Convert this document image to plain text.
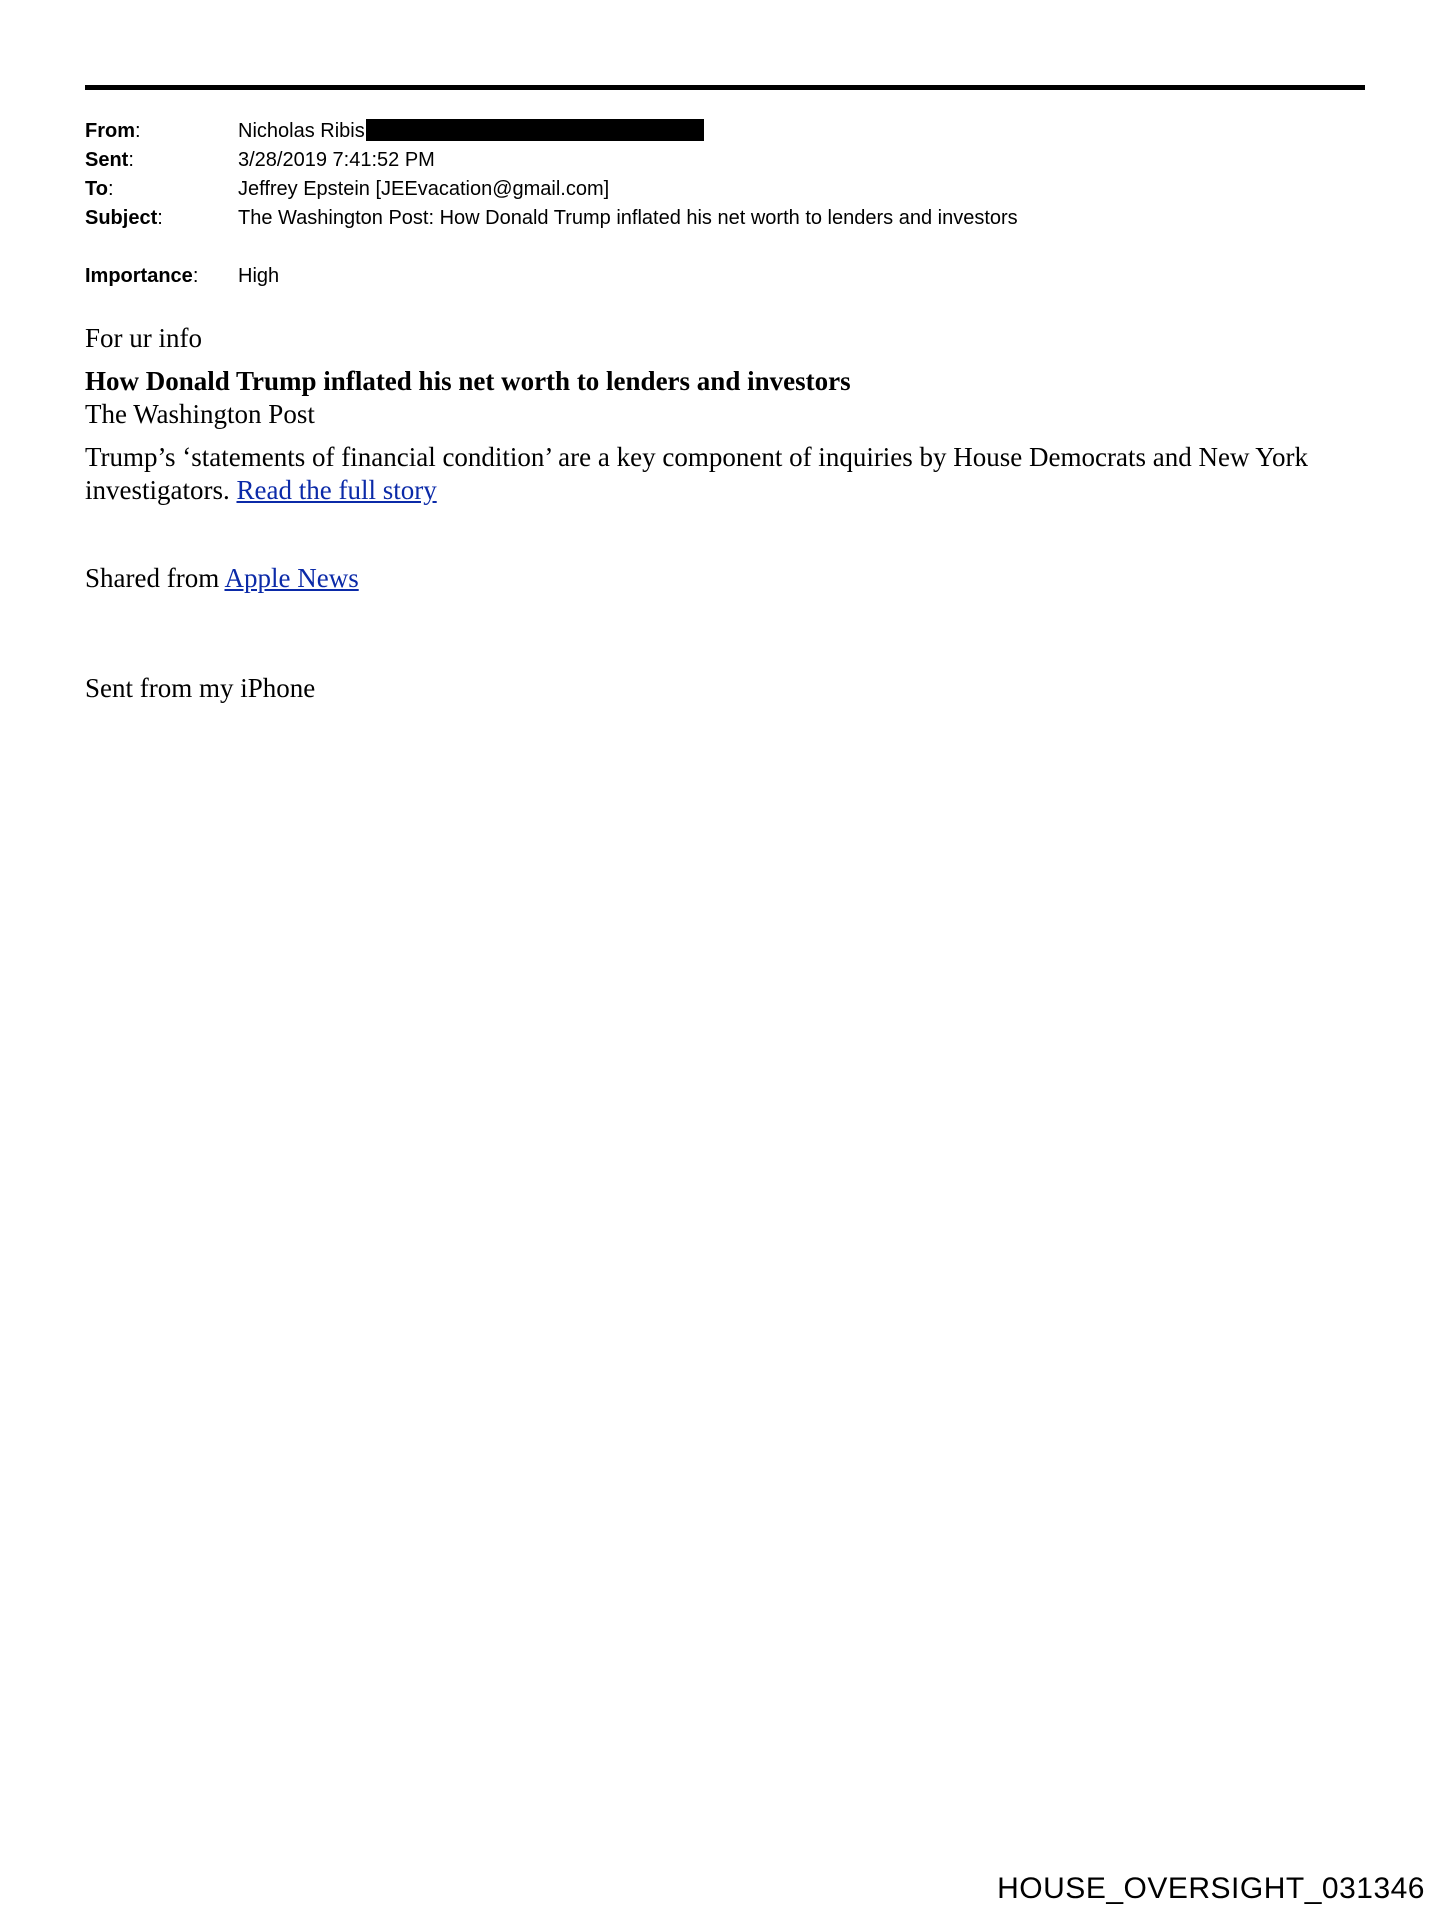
From:	Nicholas Ribis
Sent:	3/28/2019 7:41:52 PM
To:	Jeffrey Epstein [JEEvacation@gmail.com]
Subject:	The Washington Post: How Donald Trump inflated his net worth to lenders and investors
Importance:	High

For ur info

How Donald Trump inflated his net worth to lenders and investors

The Washington Post

Trump’s ‘statements of financial condition’ are a key component of inquiries by House Democrats and New York investigators. Read the full story

Shared from Apple News

Sent from my iPhone

HOUSE_OVERSIGHT_031346
